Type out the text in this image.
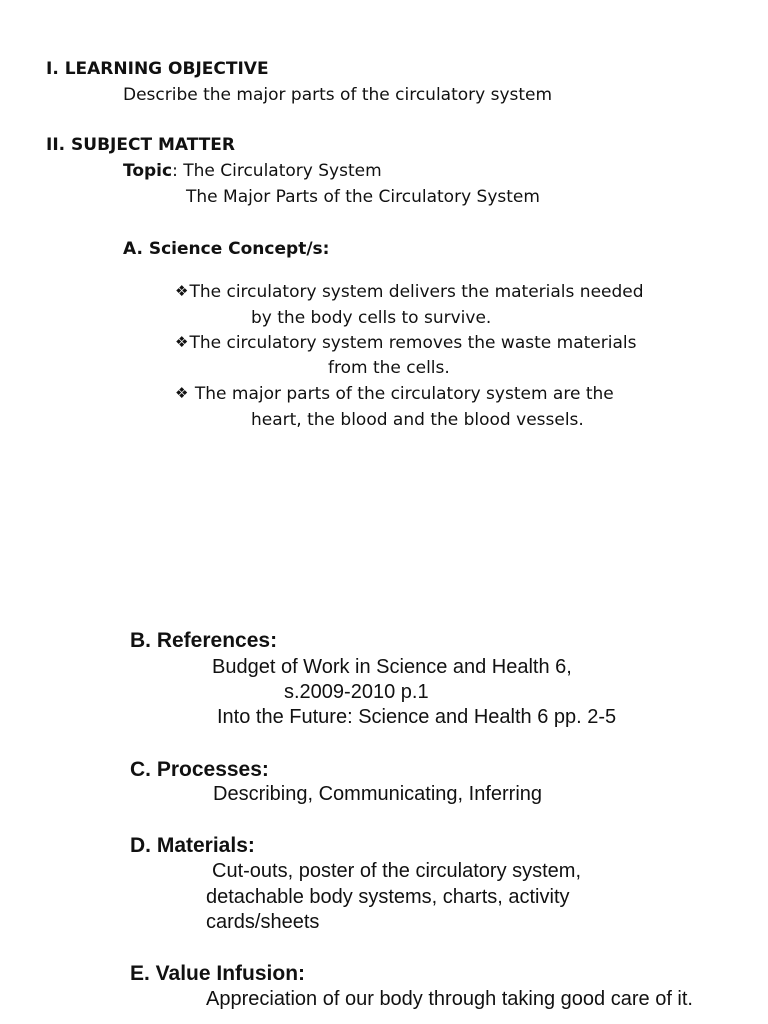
I. LEARNING OBJECTIVE

Describe the major parts of the circulatory system

II. SUBJECT MATTER

Topic: The Circulatory System

The Major Parts of the Circulatory System

A. Science Concept/s:

❖The circulatory system delivers the materials needed

by the body cells to survive.

❖The circulatory system removes the waste materials

from the cells.

❖ The major parts of the circulatory system are the

heart, the blood and the blood vessels.

B. References:

Budget of Work in Science and Health 6,

s.2009-2010 p.1

Into the Future: Science and Health 6 pp. 2-5

C. Processes:

Describing, Communicating, Inferring

D. Materials:

Cut-outs, poster of the circulatory system,

detachable body systems, charts, activity

cards/sheets

E. Value Infusion:

Appreciation of our body through taking good care of it.
